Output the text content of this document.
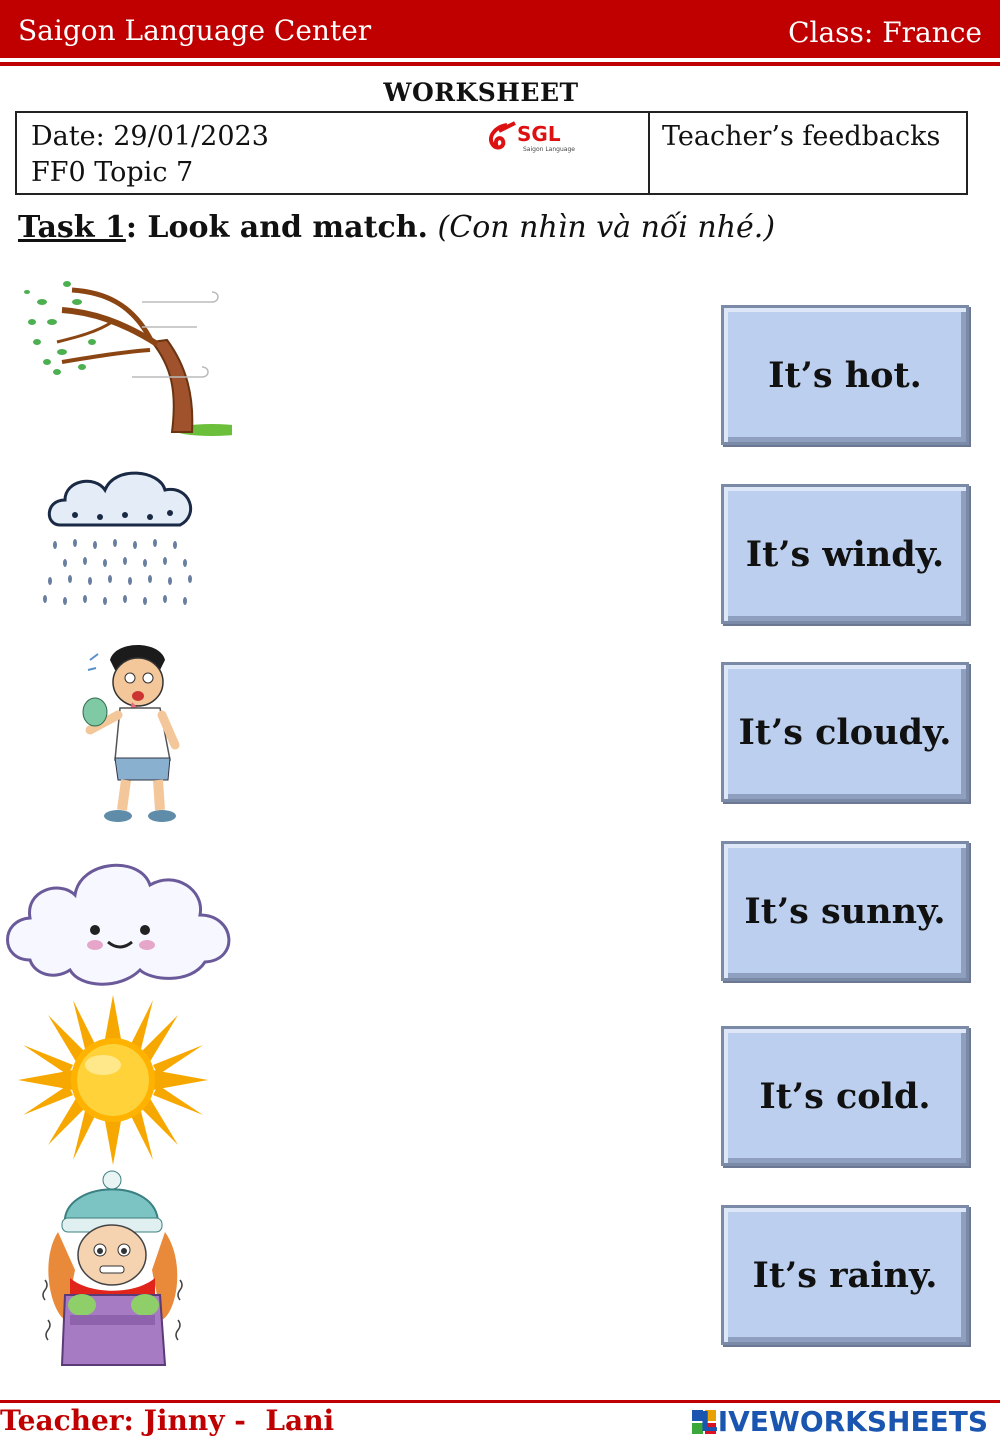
Saigon Language Center	Class: France
WORKSHEET
Date: 29/01/2023
FF0 Topic 7
SGL
Saigon Language	Teacher’s feedbacks
Task 1: Look and match. (Con nhìn và nối nhé.)
It’s hot.
It’s windy.
It’s cloudy.
It’s sunny.
It’s cold.
It’s rainy.
Teacher: Jinny -  Lani	LIVEWORKSHEETS
